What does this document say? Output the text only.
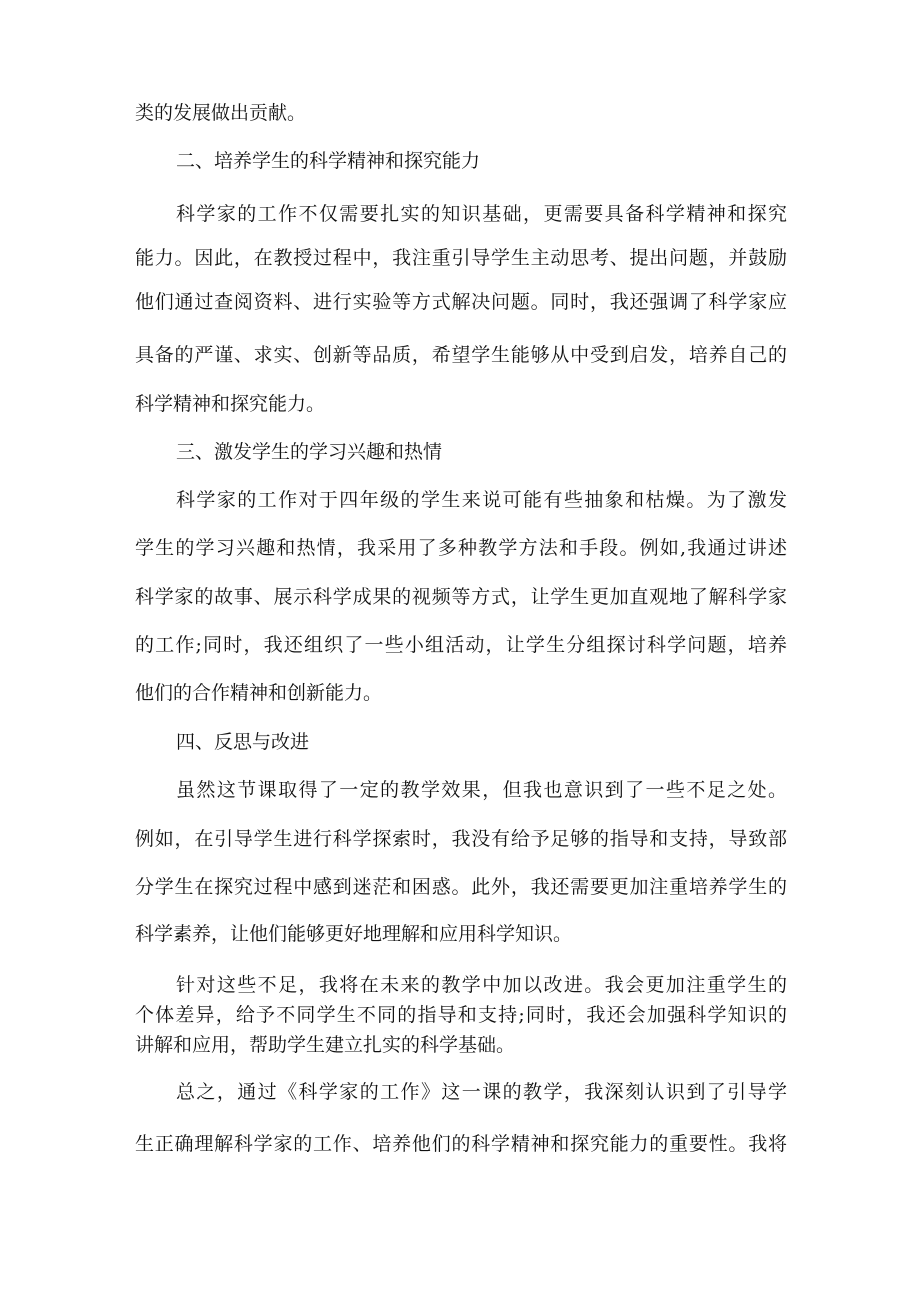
类的发展做出贡献。

二、培养学生的科学精神和探究能力

科学家的工作不仅需要扎实的知识基础，更需要具备科学精神和探究

能力。因此，在教授过程中，我注重引导学生主动思考、提出问题，并鼓励

他们通过查阅资料、进行实验等方式解决问题。同时，我还强调了科学家应

具备的严谨、求实、创新等品质，希望学生能够从中受到启发，培养自己的

科学精神和探究能力。

三、激发学生的学习兴趣和热情

科学家的工作对于四年级的学生来说可能有些抽象和枯燥。为了激发

学生的学习兴趣和热情，我采用了多种教学方法和手段。例如,我通过讲述

科学家的故事、展示科学成果的视频等方式，让学生更加直观地了解科学家

的工作;同时，我还组织了一些小组活动，让学生分组探讨科学问题，培养

他们的合作精神和创新能力。

四、反思与改进

虽然这节课取得了一定的教学效果，但我也意识到了一些不足之处。

例如，在引导学生进行科学探索时，我没有给予足够的指导和支持，导致部

分学生在探究过程中感到迷茫和困惑。此外，我还需要更加注重培养学生的

科学素养，让他们能够更好地理解和应用科学知识。

针对这些不足，我将在未来的教学中加以改进。我会更加注重学生的

个体差异，给予不同学生不同的指导和支持;同时，我还会加强科学知识的

讲解和应用，帮助学生建立扎实的科学基础。

总之，通过《科学家的工作》这一课的教学，我深刻认识到了引导学

生正确理解科学家的工作、培养他们的科学精神和探究能力的重要性。我将
